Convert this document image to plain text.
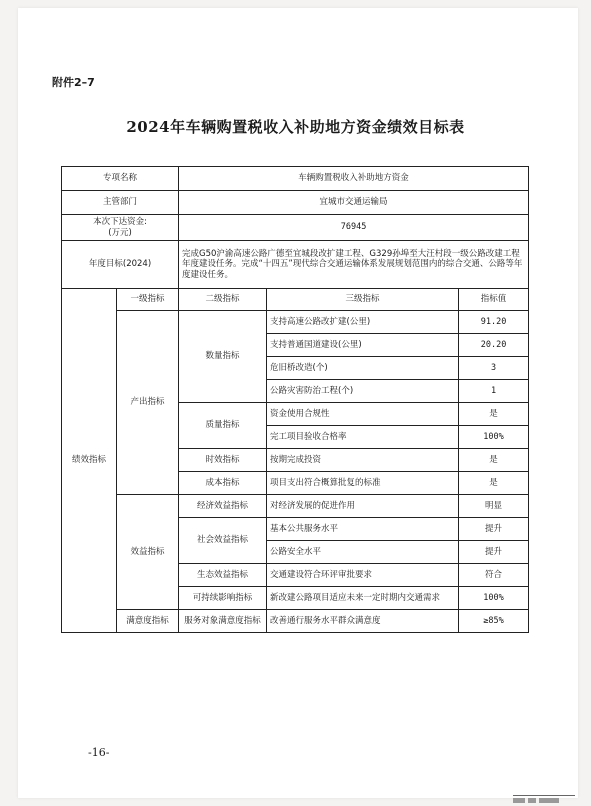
附件2–7
2024年车辆购置税收入补助地方资金绩效目标表
专项名称		车辆购置税收入补助地方资金		
主管部门		宜城市交通运输局		

本次下达资金:
(万元)		76945		
年度目标(2024)		完成G50沪渝高速公路广德至宜城段改扩建工程、G329孙埠至大汪村段一级公路改建工程年度建设任务。完成“十四五”现代综合交通运输体系发展规划范围内的综合交通、公路等年度建设任务。		
绩效指标	一级指标	二级指标	三级指标	指标值
	产出指标	数量指标	支持高速公路改扩建(公里)	91.20
			支持普通国道建设(公里)	20.20
			危旧桥改造(个)	3
			公路灾害防治工程(个)	1
		质量指标	资金使用合规性	是
			完工项目验收合格率	100%
		时效指标	按期完成投资	是
		成本指标	项目支出符合概算批复的标准	是
	效益指标	经济效益指标	对经济发展的促进作用	明显
		社会效益指标	基本公共服务水平	提升
			公路安全水平	提升
		生态效益指标	交通建设符合环评审批要求	符合
		可持续影响指标	新改建公路项目适应未来一定时期内交通需求	100%
	满意度指标	服务对象满意度指标	改善通行服务水平群众满意度	≥85%
-16-
